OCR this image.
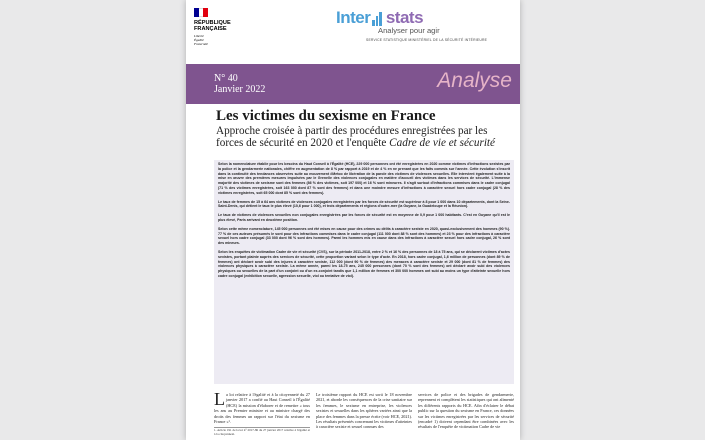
RÉPUBLIQUE
FRANÇAISE
Liberté
Égalité
Fraternité
Inter stats
Analyser pour agir
SERVICE STATISTIQUE MINISTÉRIEL DE LA SÉCURITÉ INTÉRIEURE
N° 40
Janvier 2022	Analyse
Les victimes du sexisme en France
Approche croisée à partir des procédures enregistrées par les forces de sécurité en 2020 et l'enquête Cadre de vie et sécurité

Selon la nomenclature établie pour les besoins du Haut Conseil à l'Égalité (HCE), 229 000 personnes ont été enregistrées en 2020 comme victimes d'infractions sexistes par la police et la gendarmerie nationales, chiffre en augmentation de 8 % par rapport à 2019 et de 4 % en ne prenant que les faits commis sur l'année. Cette évolution s'inscrit dans la continuité des tendances observées suite au mouvement #Metoo de libération de la parole des victimes de violences sexuelles. Elle intervient également suite à la mise en œuvre des premières mesures impulsées par le Grenelle des violences conjugales en matière d'accueil des victimes dans les services de sécurité. L'immense majorité des victimes de sexisme sont des femmes (86 % des victimes, soit 197 000) et 16 % sont mineures. Il s'agit surtout d'infractions commises dans le cadre conjugal (71 % des victimes enregistrées, soit 163 000 dont 87 % sont des femmes) et dans une moindre mesure d'infractions à caractère sexuel hors cadre conjugal (28 % des victimes enregistrées, soit 65 000 dont 85 % sont des femmes).

Le taux de femmes de 15 à 64 ans victimes de violences conjugales enregistrées par les forces de sécurité est supérieur à 8 pour 1 000 dans 10 départements, dont la Seine-Saint-Denis, qui détient le taux le plus élevé (10,6 pour 1 000), et trois départements et régions d'outre-mer (la Guyane, la Guadeloupe et la Réunion).

Le taux de victimes de violences sexuelles non conjugales enregistrées par les forces de sécurité est en moyenne de 0,9 pour 1 000 habitants. C'est en Guyane qu'il est le plus élevé, Paris arrivant en deuxième position.

Selon cette même nomenclature, 145 000 personnes ont été mises en cause pour des crimes ou délits à caractère sexiste en 2020, quasi-exclusivement des hommes (90 %). 77 % de ces auteurs présumés le sont pour des infractions commises dans le cadre conjugal (111 000 dont 88 % sont des hommes) et 23 % pour des infractions à caractère sexuel hors cadre conjugal (33 000 dont 96 % sont des hommes). Parmi les hommes mis en cause dans des infractions à caractère sexuel hors cadre conjugal, 26 % sont des mineurs.

Selon les enquêtes de victimation Cadre de vie et sécurité (CVS), sur la période 2011-2018, entre 2 % et 16 % des personnes de 18 à 75 ans, qui se déclarent victimes d'actes sexistes, portant plainte auprès des services de sécurité, cette proportion variant selon le type d'acte. En 2018, hors cadre conjugal, 1,6 million de personnes (dont 89 % de femmes) ont déclaré avoir subi des injures à caractère sexiste, 112 000 (dont 90 % de femmes) des menaces à caractère sexiste et 29 000 (dont 81 % de femmes) des violences physiques à caractère sexiste. La même année, parmi les 18-75 ans, 245 000 personnes (dont 70 % sont des femmes) ont déclaré avoir subi des violences physiques ou sexuelles de la part d'un conjoint ou d'un ex-conjoint tandis que 1,1 million de femmes et 300 000 hommes ont subi au moins un type d'atteinte sexuelle hors cadre conjugal (exhibition sexuelle, agression sexuelle, viol ou tentative de viol).

L a loi relative à l'égalité et à la citoyenneté du 27 janvier 2017 a confié au Haut Conseil à l'Égalité (HCE) la mission d'élaborer et de remettre « tous les ans au Premier ministre et au ministre chargé des droits des femmes un rapport sur l'état du sexisme en France »¹.

1. Article 191 de la loi n° 2017-86 du 27 janvier 2017 relative à l'égalité et à la citoyenneté.

Le troisième rapport du HCE est sorti le 18 novembre 2021, et aborde les conséquences de la crise sanitaire sur les femmes, le sexisme en entreprise, les violences sexistes et sexuelles dans les sphères variées ainsi que la place des femmes dans la presse écrite (voir HCE, 2021). Les résultats présentés concernant les victimes d'atteintes à caractère sexiste et sexuel connues des

services de police et des brigades de gendarmerie, reprennent et complètent les statistiques qui ont alimenté les différents rapports du HCE. Afin d'éclairer le débat public sur la question du sexisme en France, ces données sur les victimes enregistrées par les services de sécurité (encadré 1) doivent cependant être combinées avec les résultats de l'enquête de victimation Cadre de vie
